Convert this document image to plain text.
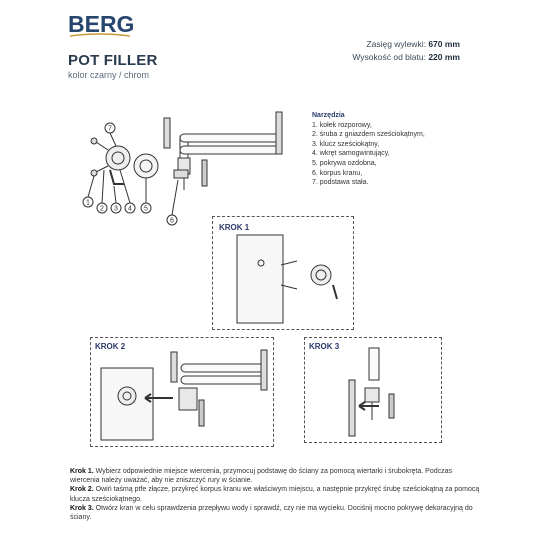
BERG
POT FILLER
kolor czarny / chrom
Zasięg wylewki: 670 mm
Wysokość od blatu: 220 mm
1
2 3 4 5
6
7
Narzędzia
1. kołek rozporowy,
2. śruba z gniazdem sześciokątnym,
3. klucz sześciokątny,
4. wkręt samogwintujący,
5. pokrywa ozdobna,
6. korpus kranu,
7. podstawa stała.
KROK 1
KROK 2	KROK 3
Krok 1. Wybierz odpowiednie miejsce wiercenia, przymocuj podstawę do ściany za pomocą wiertarki i śrubokręta. Podczas wiercenia należy uważać, aby nie zniszczyć rury w ścianie.
Krok 2. Owiń taśmą ptfe złącze, przykręć korpus kranu we właściwym miejscu, a następnie przykręć śrubę sześciokątną za pomocą klucza sześciokątnego.
Krok 3. Otwórz kran w celu sprawdzenia przepływu wody i sprawdź, czy nie ma wycieku. Dociśnij mocno pokrywę dekoracyjną do ściany.
